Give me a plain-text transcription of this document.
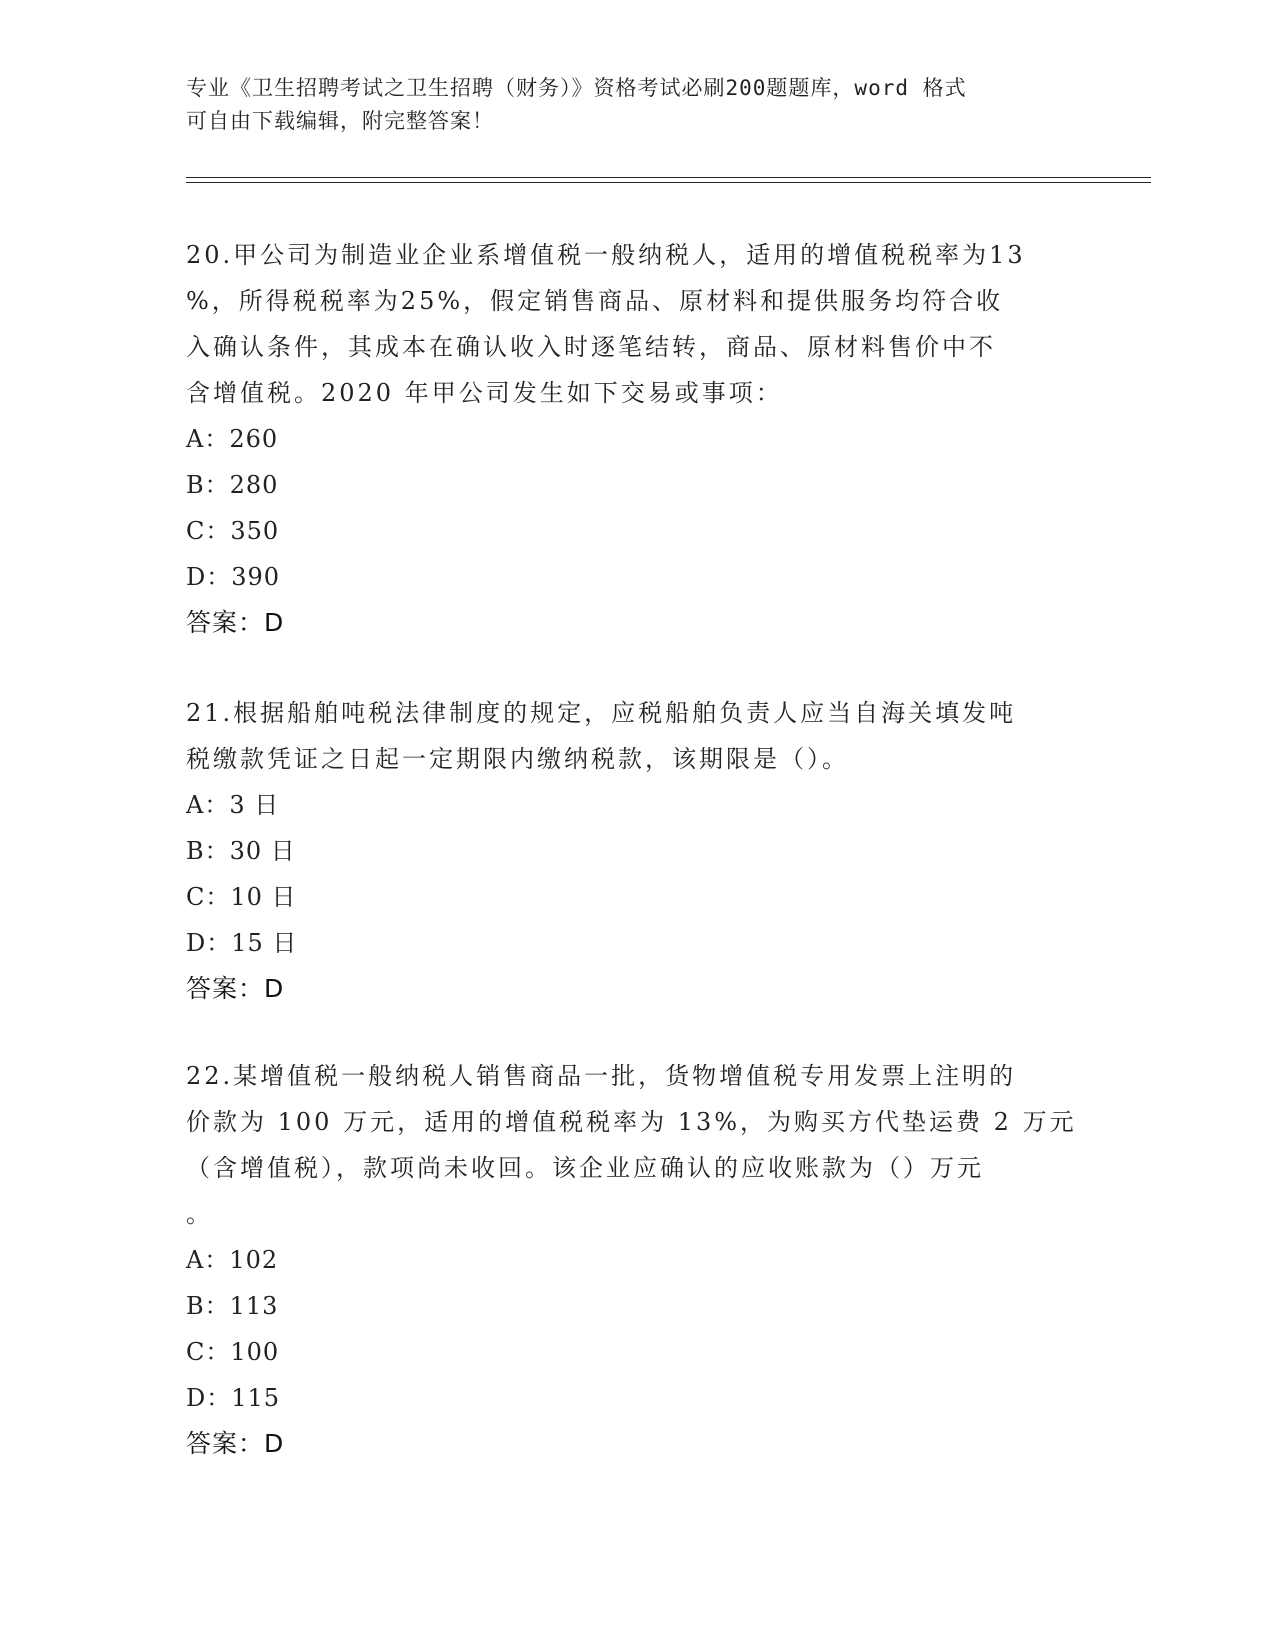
专业《卫生招聘考试之卫生招聘（财务）》资格考试必刷200题题库，word 格式
可自由下载编辑，附完整答案！

20.甲公司为制造业企业系增值税一般纳税人，适用的增值税税率为13

%，所得税税率为25%，假定销售商品、原材料和提供服务均符合收

入确认条件，其成本在确认收入时逐笔结转，商品、原材料售价中不

含增值税。2020 年甲公司发生如下交易或事项：

A：260

B：280

C：350

D：390

答案：D

21.根据船舶吨税法律制度的规定，应税船舶负责人应当自海关填发吨

税缴款凭证之日起一定期限内缴纳税款，该期限是（）。

A：3 日

B：30 日

C：10 日

D：15 日

答案：D

22.某增值税一般纳税人销售商品一批，货物增值税专用发票上注明的

价款为 100 万元，适用的增值税税率为 13%，为购买方代垫运费 2 万元

（含增值税），款项尚未收回。该企业应确认的应收账款为（）万元

。

A：102

B：113

C：100

D：115

答案：D
